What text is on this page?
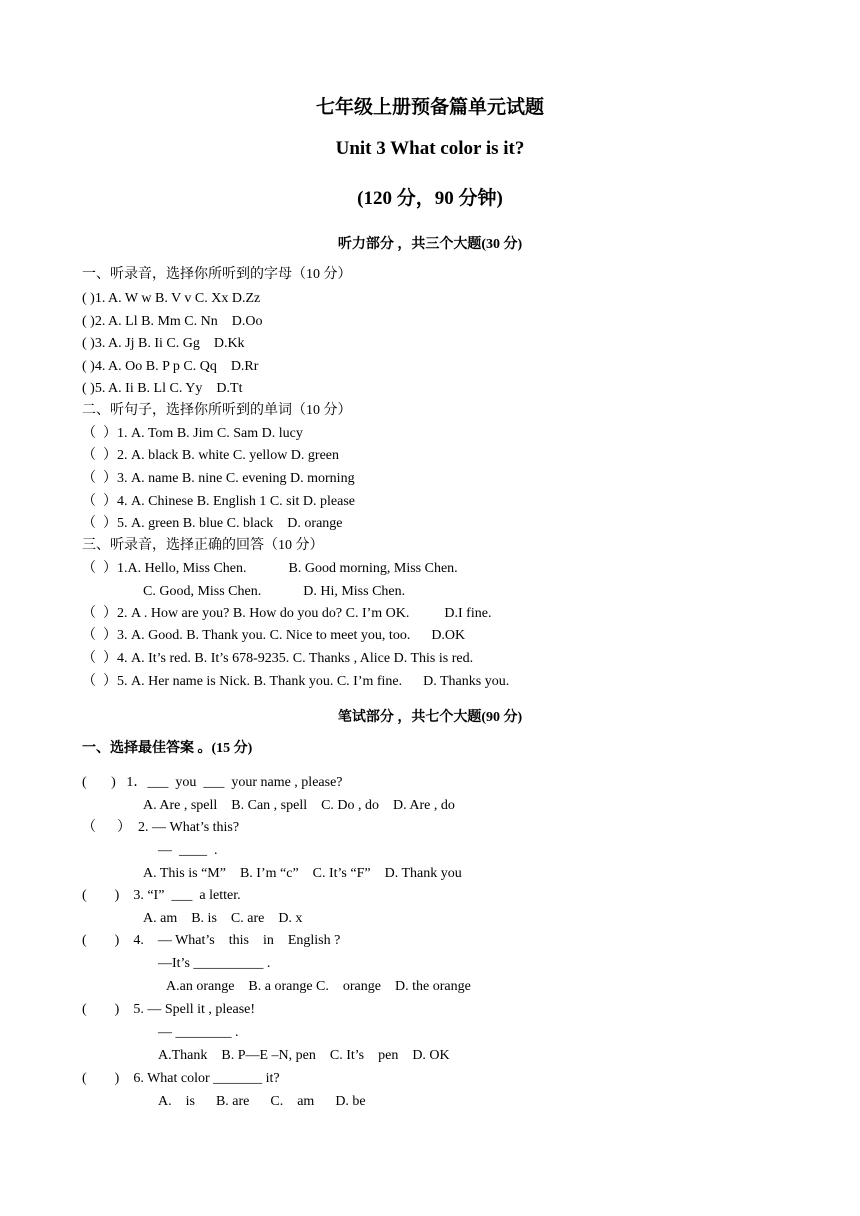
七年级上册预备篇单元试题
Unit 3 What color is it?
(120 分，90 分钟)
听力部分 ，共三个大题(30 分)
一、听录音，选择你所听到的字母（10 分）
( )1. A. W w B. V v C. Xx D.Zz
( )2. A. Ll B. Mm C. Nn    D.Oo
( )3. A. Jj B. Ii C. Gg    D.Kk
( )4. A. Oo B. P p C. Qq    D.Rr
( )5. A. Ii B. Ll C. Yy    D.Tt
二、听句子，选择你所听到的单词（10 分）
（  ）1. A. Tom B. Jim C. Sam D. lucy
（  ）2. A. black B. white C. yellow D. green
（  ）3. A. name B. nine C. evening D. morning
（  ）4. A. Chinese B. English 1 C. sit D. please
（  ）5. A. green B. blue C. black    D. orange
三、听录音，选择正确的回答（10 分）
（  ）1.A. Hello, Miss Chen.            B. Good morning, Miss Chen.
C. Good, Miss Chen.            D. Hi, Miss Chen.
（  ）2. A . How are you? B. How do you do? C. I’m OK.          D.I fine.
（  ）3. A. Good. B. Thank you. C. Nice to meet you, too.      D.OK
（  ）4. A. It’s red. B. It’s 678-9235. C. Thanks , Alice D. This is red.
（  ）5. A. Her name is Nick. B. Thank you. C. I’m fine.      D. Thanks you.
笔试部分 ，共七个大题(90 分)
一、选择最佳答案 。(15 分)
(       )   1．___  you  ___  your name , please?
A. Are , spell    B. Can , spell    C. Do , do    D. Are , do
（      ）  2. — What’s this?
—  ____  .
A. This is “M”    B. I’m “c”    C. It’s “F”    D. Thank you
(        )    3. “I”  ___  a letter.
A. am    B. is    C. are    D. x
(        )    4.    — What’s    this    in    English ?
—It’s __________ .
A.an orange    B. a orange C.    orange    D. the orange
(        )    5. — Spell it , please!
— ________ .
A.Thank    B. P—E –N, pen    C. It’s    pen    D. OK
(        )    6. What color _______ it?
A.    is      B. are      C.    am      D. be
